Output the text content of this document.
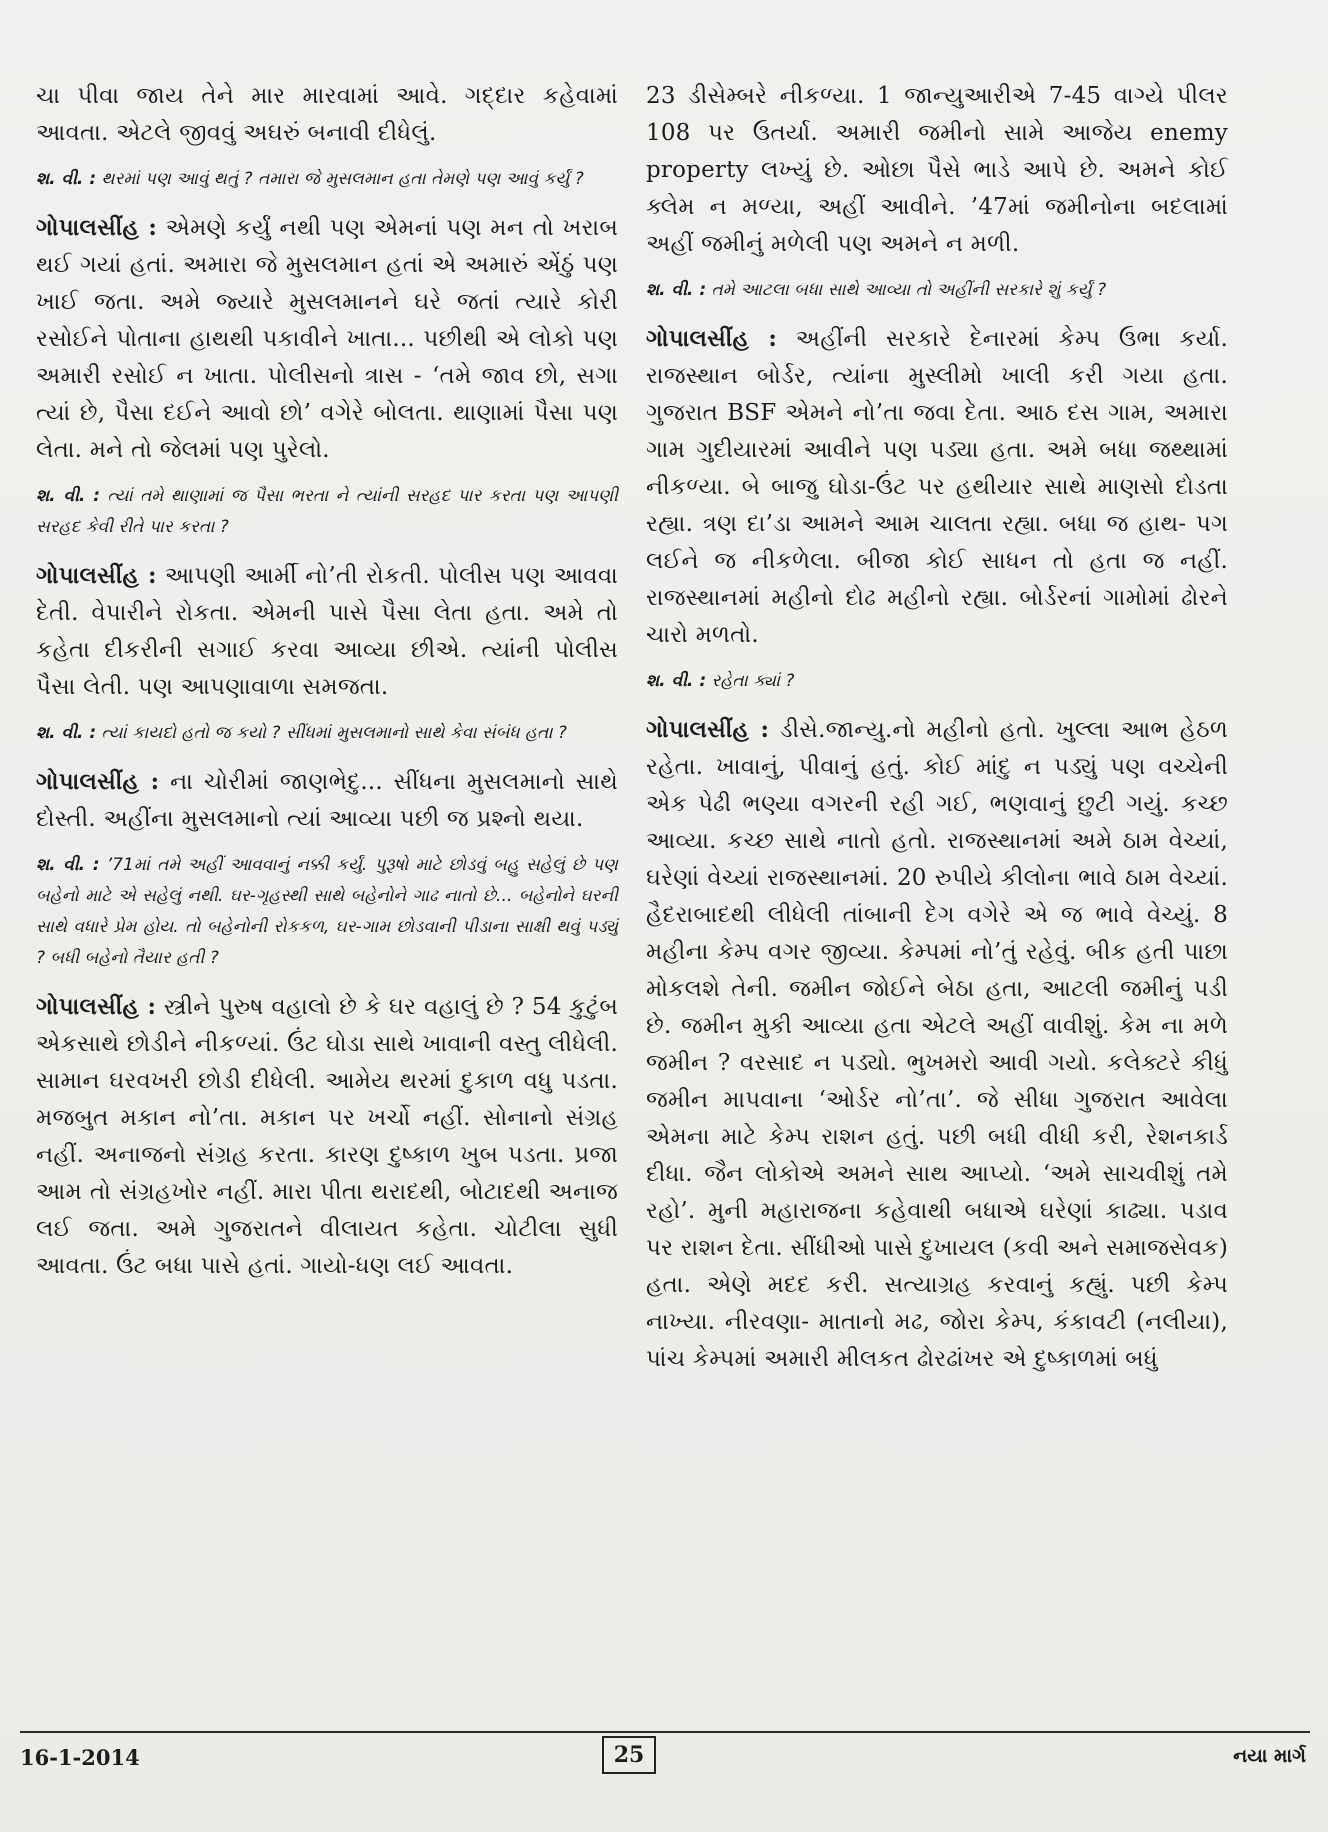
ચા પીવા જાય તેને માર મારવામાં આવે. ગદ્દાર કહેવામાં આવતા. એટલે જીવવું અઘરું બનાવી દીધેલું.

શ. વી. : થરમાં પણ આવું થતું ? તમારા જે મુસલમાન હતા તેમણે પણ આવું કર્યું ?

ગોપાલસીંહ : એમણે કર્યું નથી પણ એમનાં પણ મન તો ખરાબ થઈ ગયાં હતાં. અમારા જે મુસલમાન હતાં એ અમારું એંઠું પણ ખાઈ જતા. અમે જ્યારે મુસલમાનને ઘરે જતાં ત્યારે કોરી રસોઈને પોતાના હાથથી પકાવીને ખાતા... પછીથી એ લોકો પણ અમારી રસોઈ ન ખાતા. પોલીસનો ત્રાસ - ‘તમે જાવ છો, સગા ત્યાં છે, પૈસા દઈને આવો છો’ વગેરે બોલતા. થાણામાં પૈસા પણ લેતા. મને તો જેલમાં પણ પુરેલો.

શ. વી. : ત્યાં તમે થાણામાં જ પૈસા ભરતા ને ત્યાંની સરહદ પાર કરતા પણ આપણી સરહદ કેવી રીતે પાર કરતા ?

ગોપાલસીંહ : આપણી આર્મી નો’તી રોકતી. પોલીસ પણ આવવા દેતી. વેપારીને રોકતા. એમની પાસે પૈસા લેતા હતા. અમે તો કહેતા દીકરીની સગાઈ કરવા આવ્યા છીએ. ત્યાંની પોલીસ પૈસા લેતી. પણ આપણાવાળા સમજતા.

શ. વી. : ત્યાં કાયદો હતો જ કયો ? સીંધમાં મુસલમાનો સાથે કેવા સંબંધ હતા ?

ગોપાલસીંહ : ના ચોરીમાં જાણભેદુ... સીંધના મુસલમાનો સાથે દોસ્તી. અહીંના મુસલમાનો ત્યાં આવ્યા પછી જ પ્રશ્નો થયા.

શ. વી. : ’71માં તમે અહીં આવવાનું નક્કી કર્યું. પુરૂષો માટે છોડવું બહુ સહેલું છે પણ બહેનો માટે એ સહેલું નથી. ઘર-ગૃહસ્થી સાથે બહેનોને ગાઢ નાતો છે... બહેનોને ઘરની સાથે વધારે પ્રેમ હોય. તો બહેનોની રોકકળ, ઘર-ગામ છોડવાની પીડાના સાક્ષી થવું પડ્યું ? બધી બહેનો તૈયાર હતી ?

ગોપાલસીંહ : સ્ત્રીને પુરુષ વહાલો છે કે ઘર વહાલું છે ? 54 કુટુંબ એકસાથે છોડીને નીકળ્યાં. ઉંટ ઘોડા સાથે ખાવાની વસ્તુ લીધેલી. સામાન ઘરવખરી છોડી દીધેલી. આમેય થરમાં દુકાળ વધુ પડતા. મજબુત મકાન નો’તા. મકાન પર ખર્ચો નહીં. સોનાનો સંગ્રહ નહીં. અનાજનો સંગ્રહ કરતા. કારણ દુષ્કાળ ખુબ પડતા. પ્રજા આમ તો સંગ્રહખોર નહીં. મારા પીતા થરાદથી, બોટાદથી અનાજ લઈ જતા. અમે ગુજરાતને વીલાયત કહેતા. ચોટીલા સુધી આવતા. ઉંટ બધા પાસે હતાં. ગાયો-ધણ લઈ આવતા.

23 ડીસેમ્બરે નીકળ્યા. 1 જાન્યુઆરીએ 7-45 વાગ્યે પીલર 108 પર ઉતર્યા. અમારી જમીનો સામે આજેય enemy property લખ્યું છે. ઓછા પૈસે ભાડે આપે છે. અમને કોઈ ક્લેમ ન મળ્યા, અહીં આવીને. ’47માં જમીનોના બદલામાં અહીં જમીનું મળેલી પણ અમને ન મળી.

શ. વી. : તમે આટલા બધા સાથે આવ્યા તો અહીંની સરકારે શું કર્યું ?

ગોપાલસીંહ : અહીંની સરકારે દેનારમાં કેમ્પ ઉભા કર્યા. રાજસ્થાન બોર્ડર, ત્યાંના મુસ્લીમો ખાલી કરી ગયા હતા. ગુજરાત BSF એમને નો’તા જવા દેતા. આઠ દસ ગામ, અમારા ગામ ગુદીયારમાં આવીને પણ પડ્યા હતા. અમે બધા જથ્થામાં નીકળ્યા. બે બાજુ ઘોડા-ઉંટ પર હથીયાર સાથે માણસો દોડતા રહ્યા. ત્રણ દા’ડા આમને આમ ચાલતા રહ્યા. બધા જ હાથ- પગ લઈને જ નીકળેલા. બીજા કોઈ સાધન તો હતા જ નહીં. રાજસ્થાનમાં મહીનો દોઢ મહીનો રહ્યા. બોર્ડરનાં ગામોમાં ઢોરને ચારો મળતો.

શ. વી. : રહેતા ક્યાં ?

ગોપાલસીંહ : ડીસે.જાન્યુ.નો મહીનો હતો. ખુલ્લા આભ હેઠળ રહેતા. ખાવાનું, પીવાનું હતું. કોઈ માંદુ ન પડ્યું પણ વચ્ચેની એક પેઢી ભણ્યા વગરની રહી ગઈ, ભણવાનું છુટી ગયું. કચ્છ આવ્યા. કચ્છ સાથે નાતો હતો. રાજસ્થાનમાં અમે ઠામ વેચ્યાં, ઘરેણાં વેચ્યાં રાજસ્થાનમાં. 20 રુપીયે કીલોના ભાવે ઠામ વેચ્યાં. હૈદરાબાદથી લીધેલી તાંબાની દેગ વગેરે એ જ ભાવે વેચ્યું. 8 મહીના કેમ્પ વગર જીવ્યા. કેમ્પમાં નો’તું રહેવું. બીક હતી પાછા મોકલશે તેની. જમીન જોઈને બેઠા હતા, આટલી જમીનું પડી છે. જમીન મુકી આવ્યા હતા એટલે અહીં વાવીશું. કેમ ના મળે જમીન ? વરસાદ ન પડ્યો. ભુખમરો આવી ગયો. કલેક્ટરે કીધું જમીન માપવાના ‘ઓર્ડર નો’તા’. જે સીધા ગુજરાત આવેલા એમના માટે કેમ્પ રાશન હતું. પછી બધી વીધી કરી, રેશનકાર્ડ દીધા. જૈન લોકોએ અમને સાથ આપ્યો. ‘અમે સાચવીશું તમે રહો’. મુની મહારાજના કહેવાથી બધાએ ઘરેણાં કાઢ્યા. પડાવ પર રાશન દેતા. સીંધીઓ પાસે દુખાયલ (કવી અને સમાજસેવક) હતા. એણે મદદ કરી. સત્યાગ્રહ કરવાનું કહ્યું. પછી કેમ્પ નાખ્યા. નીરવણા- માતાનો મઢ, જોરા કેમ્પ, કંકાવટી (નલીયા), પાંચ કેમ્પમાં અમારી મીલકત ઢોરઢાંખર એ દુષ્કાળમાં બધું

16-1-2014	25	નયા માર્ગ
